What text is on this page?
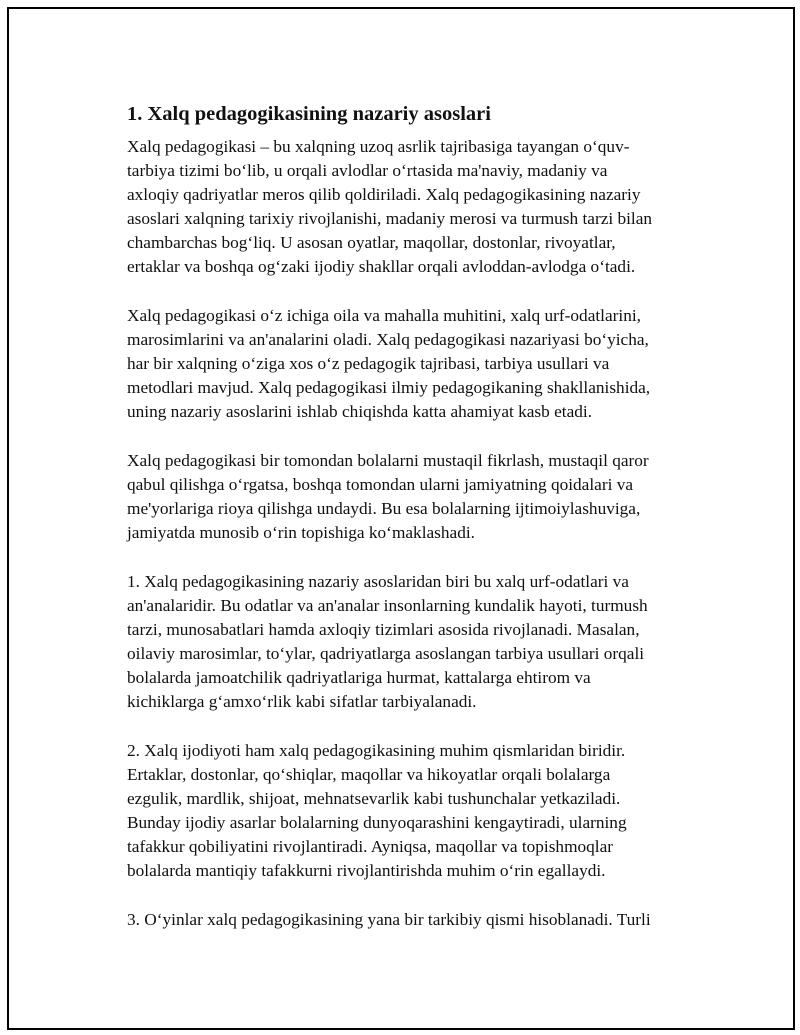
1. Xalq pedagogikasining nazariy asoslari

Xalq pedagogikasi – bu xalqning uzoq asrlik tajribasiga tayangan o‘quv-
tarbiya tizimi bo‘lib, u orqali avlodlar o‘rtasida ma'naviy, madaniy va
axloqiy qadriyatlar meros qilib qoldiriladi. Xalq pedagogikasining nazariy
asoslari xalqning tarixiy rivojlanishi, madaniy merosi va turmush tarzi bilan
chambarchas bog‘liq. U asosan oyatlar, maqollar, dostonlar, rivoyatlar,
ertaklar va boshqa og‘zaki ijodiy shakllar orqali avloddan-avlodga o‘tadi.

Xalq pedagogikasi o‘z ichiga oila va mahalla muhitini, xalq urf-odatlarini,
marosimlarini va an'analarini oladi. Xalq pedagogikasi nazariyasi bo‘yicha,
har bir xalqning o‘ziga xos o‘z pedagogik tajribasi, tarbiya usullari va
metodlari mavjud. Xalq pedagogikasi ilmiy pedagogikaning shakllanishida,
uning nazariy asoslarini ishlab chiqishda katta ahamiyat kasb etadi.

Xalq pedagogikasi bir tomondan bolalarni mustaqil fikrlash, mustaqil qaror
qabul qilishga o‘rgatsa, boshqa tomondan ularni jamiyatning qoidalari va
me'yorlariga rioya qilishga undaydi. Bu esa bolalarning ijtimoiylashuviga,
jamiyatda munosib o‘rin topishiga ko‘maklashadi.

1. Xalq pedagogikasining nazariy asoslaridan biri bu xalq urf-odatlari va
an'analaridir. Bu odatlar va an'analar insonlarning kundalik hayoti, turmush
tarzi, munosabatlari hamda axloqiy tizimlari asosida rivojlanadi. Masalan,
oilaviy marosimlar, to‘ylar, qadriyatlarga asoslangan tarbiya usullari orqali
bolalarda jamoatchilik qadriyatlariga hurmat, kattalarga ehtirom va
kichiklarga g‘amxo‘rlik kabi sifatlar tarbiyalanadi.

2. Xalq ijodiyoti ham xalq pedagogikasining muhim qismlaridan biridir.
Ertaklar, dostonlar, qo‘shiqlar, maqollar va hikoyatlar orqali bolalarga
ezgulik, mardlik, shijoat, mehnatsevarlik kabi tushunchalar yetkaziladi.
Bunday ijodiy asarlar bolalarning dunyoqarashini kengaytiradi, ularning
tafakkur qobiliyatini rivojlantiradi. Ayniqsa, maqollar va topishmoqlar
bolalarda mantiqiy tafakkurni rivojlantirishda muhim o‘rin egallaydi.

3. O‘yinlar xalq pedagogikasining yana bir tarkibiy qismi hisoblanadi. Turli
